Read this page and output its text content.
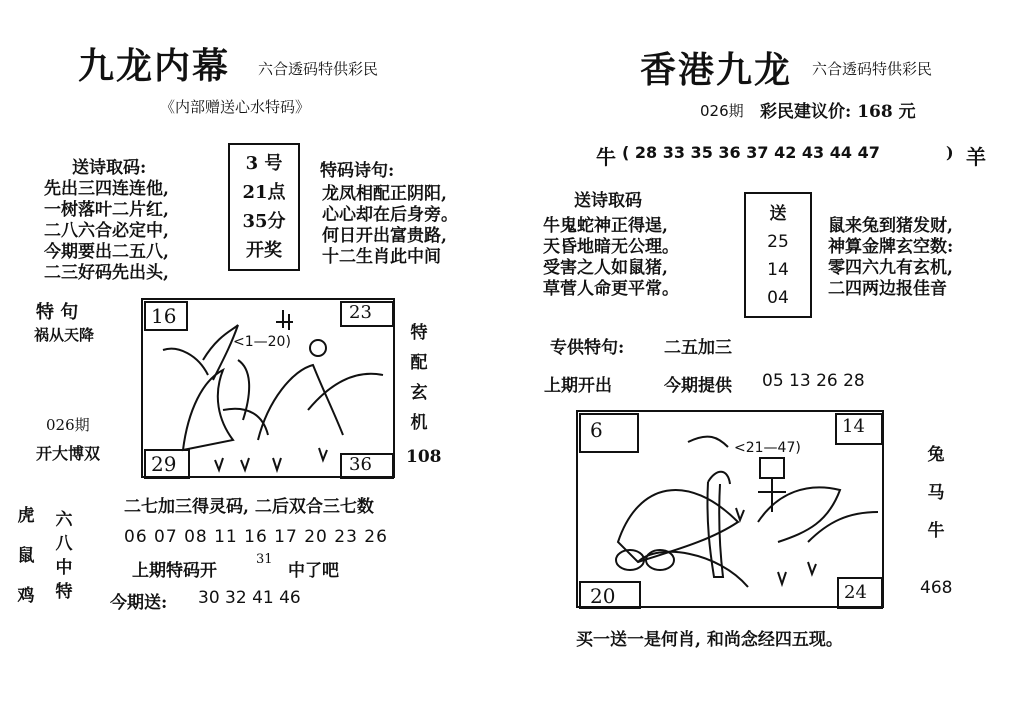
九龙内幕 六合透码特供彩民
《内部赠送心水特码》
送诗取码:
先出三四连连他,
一树落叶二片红,
二八六合必定中,
今期要出二五八,
二三好码先出头,
3 号
21点
35分
开奖
特码诗句:
龙凤相配正阴阳,
心心却在后身旁。
何日开出富贵路,
十二生肖此中间
特 句
祸从天降
026期
开大博双
16	23
29	36
<1—20)	特
配
玄
机
108
二七加三得灵码, 二后双合三七数
06 07 08 11 16 17 20 23 26
上期特码开
31
中了吧
今期送: 30 32 41 46
虎
鼠
鸡
六
八
中
特
香港九龙 六合透码特供彩民
026期 彩民建议价: 168 元
牛 ( 28 33 35 36 37 42 43 44 47	) 羊
送诗取码
牛鬼蛇神正得逞,
天昏地暗无公理。
受害之人如鼠猪,
草菅人命更平常。
送
25
14
04
鼠来兔到猪发财,
神算金牌玄空数:
零四六九有玄机,
二四两边报佳音
专供特句: 二五加三
上期开出	今期提供 05 13 26 28
6	14
20	24
<21—47)	兔
马
牛
468
买一送一是何肖, 和尚念经四五现。
